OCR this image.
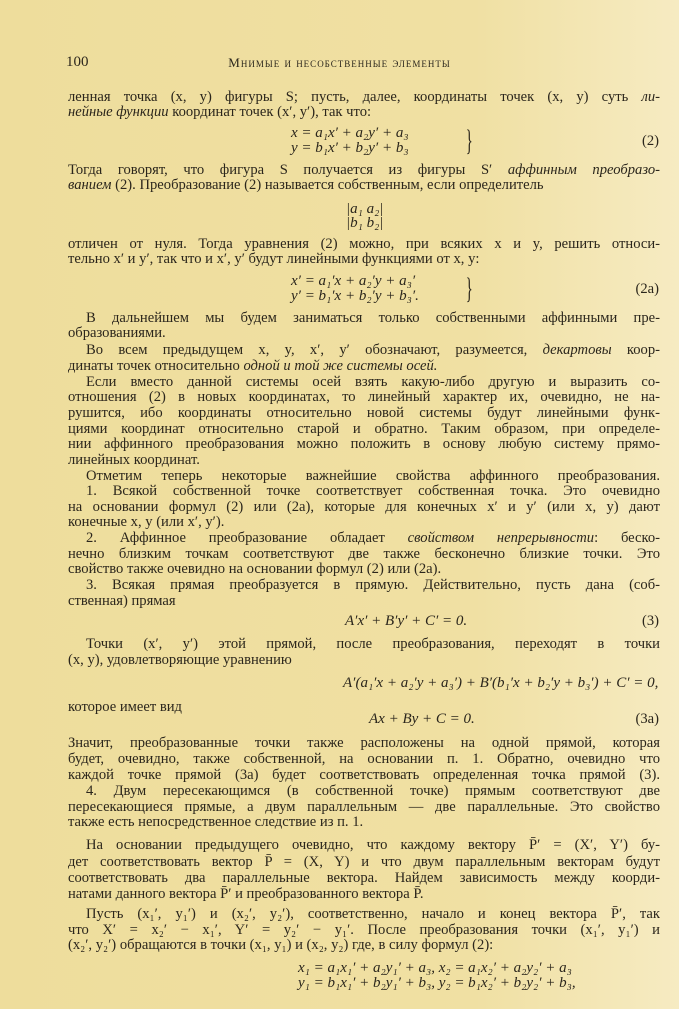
100	Мнимые и несобственные элементы
ленная точка (x, y) фигуры S; пусть, далее, координаты точек (x, y) суть ли-
нейные функции координат точек (x′, y′), так что:
x = a₁x′ + a₂y′ + a₃	(2)
y = b₁x′ + b₂y′ + b₃
Тогда говорят, что фигура S получается из фигуры S′ аффинным преобразо-
ванием (2). Преобразование (2) называется собственным, если определитель
|a₁ a₂|
|b₁ b₂|
отличен от нуля. Тогда уравнения (2) можно, при всяких x и y, решить относи-
тельно x′ и y′, так что и x′, y′ будут линейными функциями от x, y:
x′ = a₁′x + a₂′y + a₃′	(2a)
y′ = b₁′x + b₂′y + b₃′.
В дальнейшем мы будем заниматься только собственными аффинными пре-
образованиями.
Во всем предыдущем x, y, x′, y′ обозначают, разумеется, декартовы коор-
динаты точек относительно одной и той же системы осей.
Если вместо данной системы осей взять какую-либо другую и выразить со-
отношения (2) в новых координатах, то линейный характер их, очевидно, не на-
рушится, ибо координаты относительно новой системы будут линейными функ-
циями координат относительно старой и обратно. Таким образом, при определе-
нии аффинного преобразования можно положить в основу любую систему прямо-
линейных координат.
Отметим теперь некоторые важнейшие свойства аффинного преобразования.
1. Всякой собственной точке соответствует собственная точка. Это очевидно
на основании формул (2) или (2а), которые для конечных x′ и y′ (или x, y) дают
конечные x, y (или x′, y′).
2. Аффинное преобразование обладает свойством непрерывности: беско-
нечно близким точкам соответствуют две также бесконечно близкие точки. Это
свойство также очевидно на основании формул (2) или (2а).
3. Всякая прямая преобразуется в прямую. Действительно, пусть дана (соб-
ственная) прямая
A′x′ + B′y′ + C′ = 0.	(3)
Точки (x′, y′) этой прямой, после преобразования, переходят в точки
(x, y), удовлетворяющие уравнению
A′(a₁′x + a₂′y + a₃′) + B′(b₁′x + b₂′y + b₃′) + C′ = 0,
которое имеет вид
Ax + By + C = 0.	(3a)
Значит, преобразованные точки также расположены на одной прямой, которая
будет, очевидно, также собственной, на основании п. 1. Обратно, очевидно что
каждой точке прямой (3а) будет соответствовать определенная точка прямой (3).
4. Двум пересекающимся (в собственной точке) прямым соответствуют две
пересекающиеся прямые, а двум параллельным — две параллельные. Это свойство
также есть непосредственное следствие из п. 1.
На основании предыдущего очевидно, что каждому вектору P̄′ = (X′, Y′) бу-
дет соответствовать вектор P̄ = (X, Y) и что двум параллельным векторам будут
соответствовать два параллельные вектора. Найдем зависимость между коорди-
натами данного вектора P̄′ и преобразованного вектора P̄.
Пусть (x₁′, y₁′) и (x₂′, y₂′), соответственно, начало и конец вектора P̄′, так
что X′ = x₂′ − x₁′, Y′ = y₂′ − y₁′. После преобразования точки (x₁′, y₁′) и
(x₂′, y₂′) обращаются в точки (x₁, y₁) и (x₂, y₂) где, в силу формул (2):
x₁ = a₁x₁′ + a₂y₁′ + a₃, x₂ = a₁x₂′ + a₂y₂′ + a₃
y₁ = b₁x₁′ + b₂y₁′ + b₃, y₂ = b₁x₂′ + b₂y₂′ + b₃,
}
}
